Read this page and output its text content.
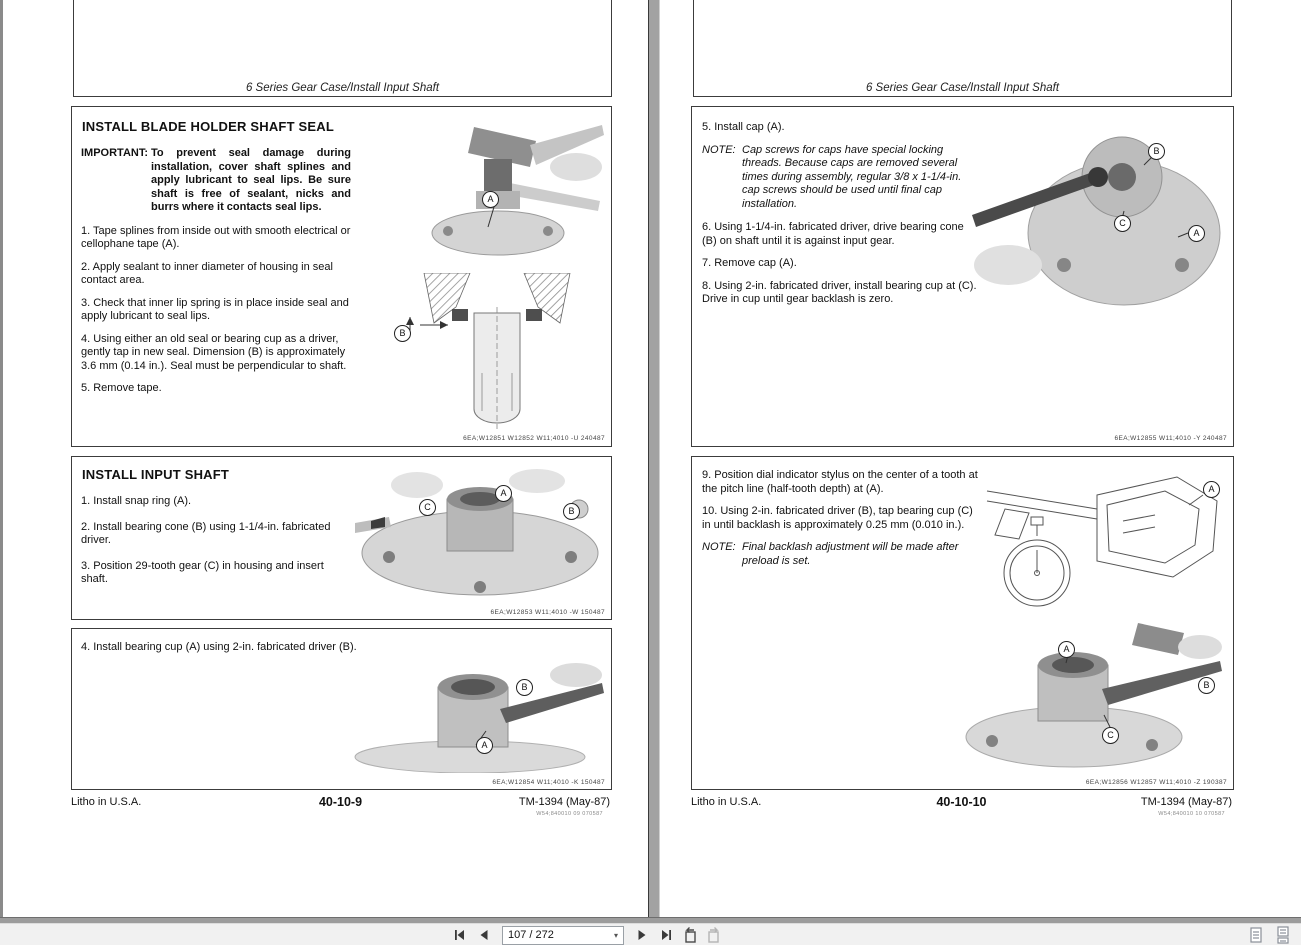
6 Series Gear Case/Install Input Shaft
INSTALL BLADE HOLDER SHAFT SEAL
IMPORTANT: To prevent seal damage during installation, cover shaft splines and apply lubricant to seal lips. Be sure shaft is free of sealant, nicks and burrs where it contacts seal lips.

1. Tape splines from inside out with smooth electrical or cellophane tape (A).

2. Apply sealant to inner diameter of housing in seal contact area.

3. Check that inner lip spring is in place inside seal and apply lubricant to seal lips.

4. Using either an old seal or bearing cup as a driver, gently tap in new seal. Dimension (B) is approximately 3.6 mm (0.14 in.). Seal must be perpendicular to shaft.

5. Remove tape.

A
B
6EA;W12851 W12852 W11;4010 -U 240487
INSTALL INPUT SHAFT

1. Install snap ring (A).

2. Install bearing cone (B) using 1-1/4-in. fabricated driver.

3. Position 29-tooth gear (C) in housing and insert shaft.

C
A
B
6EA;W12853 W11;4010 -W 150487

4. Install bearing cup (A) using 2-in. fabricated driver (B).

B
A
6EA;W12854 W11;4010 -K 150487
Litho in U.S.A.	40-10-9	TM-1394 (May-87)
W54;840010 09 070587
6 Series Gear Case/Install Input Shaft

5. Install cap (A).

NOTE: Cap screws for caps have special locking threads. Because caps are removed several times during assembly, regular 3/8 x 1-1/4-in. cap screws should be used until final cap installation.

6. Using 1-1/4-in. fabricated driver, drive bearing cone (B) on shaft until it is against input gear.

7. Remove cap (A).

8. Using 2-in. fabricated driver, install bearing cup at (C). Drive in cup until gear backlash is zero.

B
C
A
6EA;W12855 W11;4010 -Y 240487

9. Position dial indicator stylus on the center of a tooth at the pitch line (half-tooth depth) at (A).

10. Using 2-in. fabricated driver (B), tap bearing cup (C) in until backlash is approximately 0.25 mm (0.010 in.).

NOTE: Final backlash adjustment will be made after preload is set.
A
A
B
C
6EA;W12856 W12857 W11;4010 -Z 190387
Litho in U.S.A.	40-10-10	TM-1394 (May-87)
W54;840010 10 070587
107 / 272	▾
